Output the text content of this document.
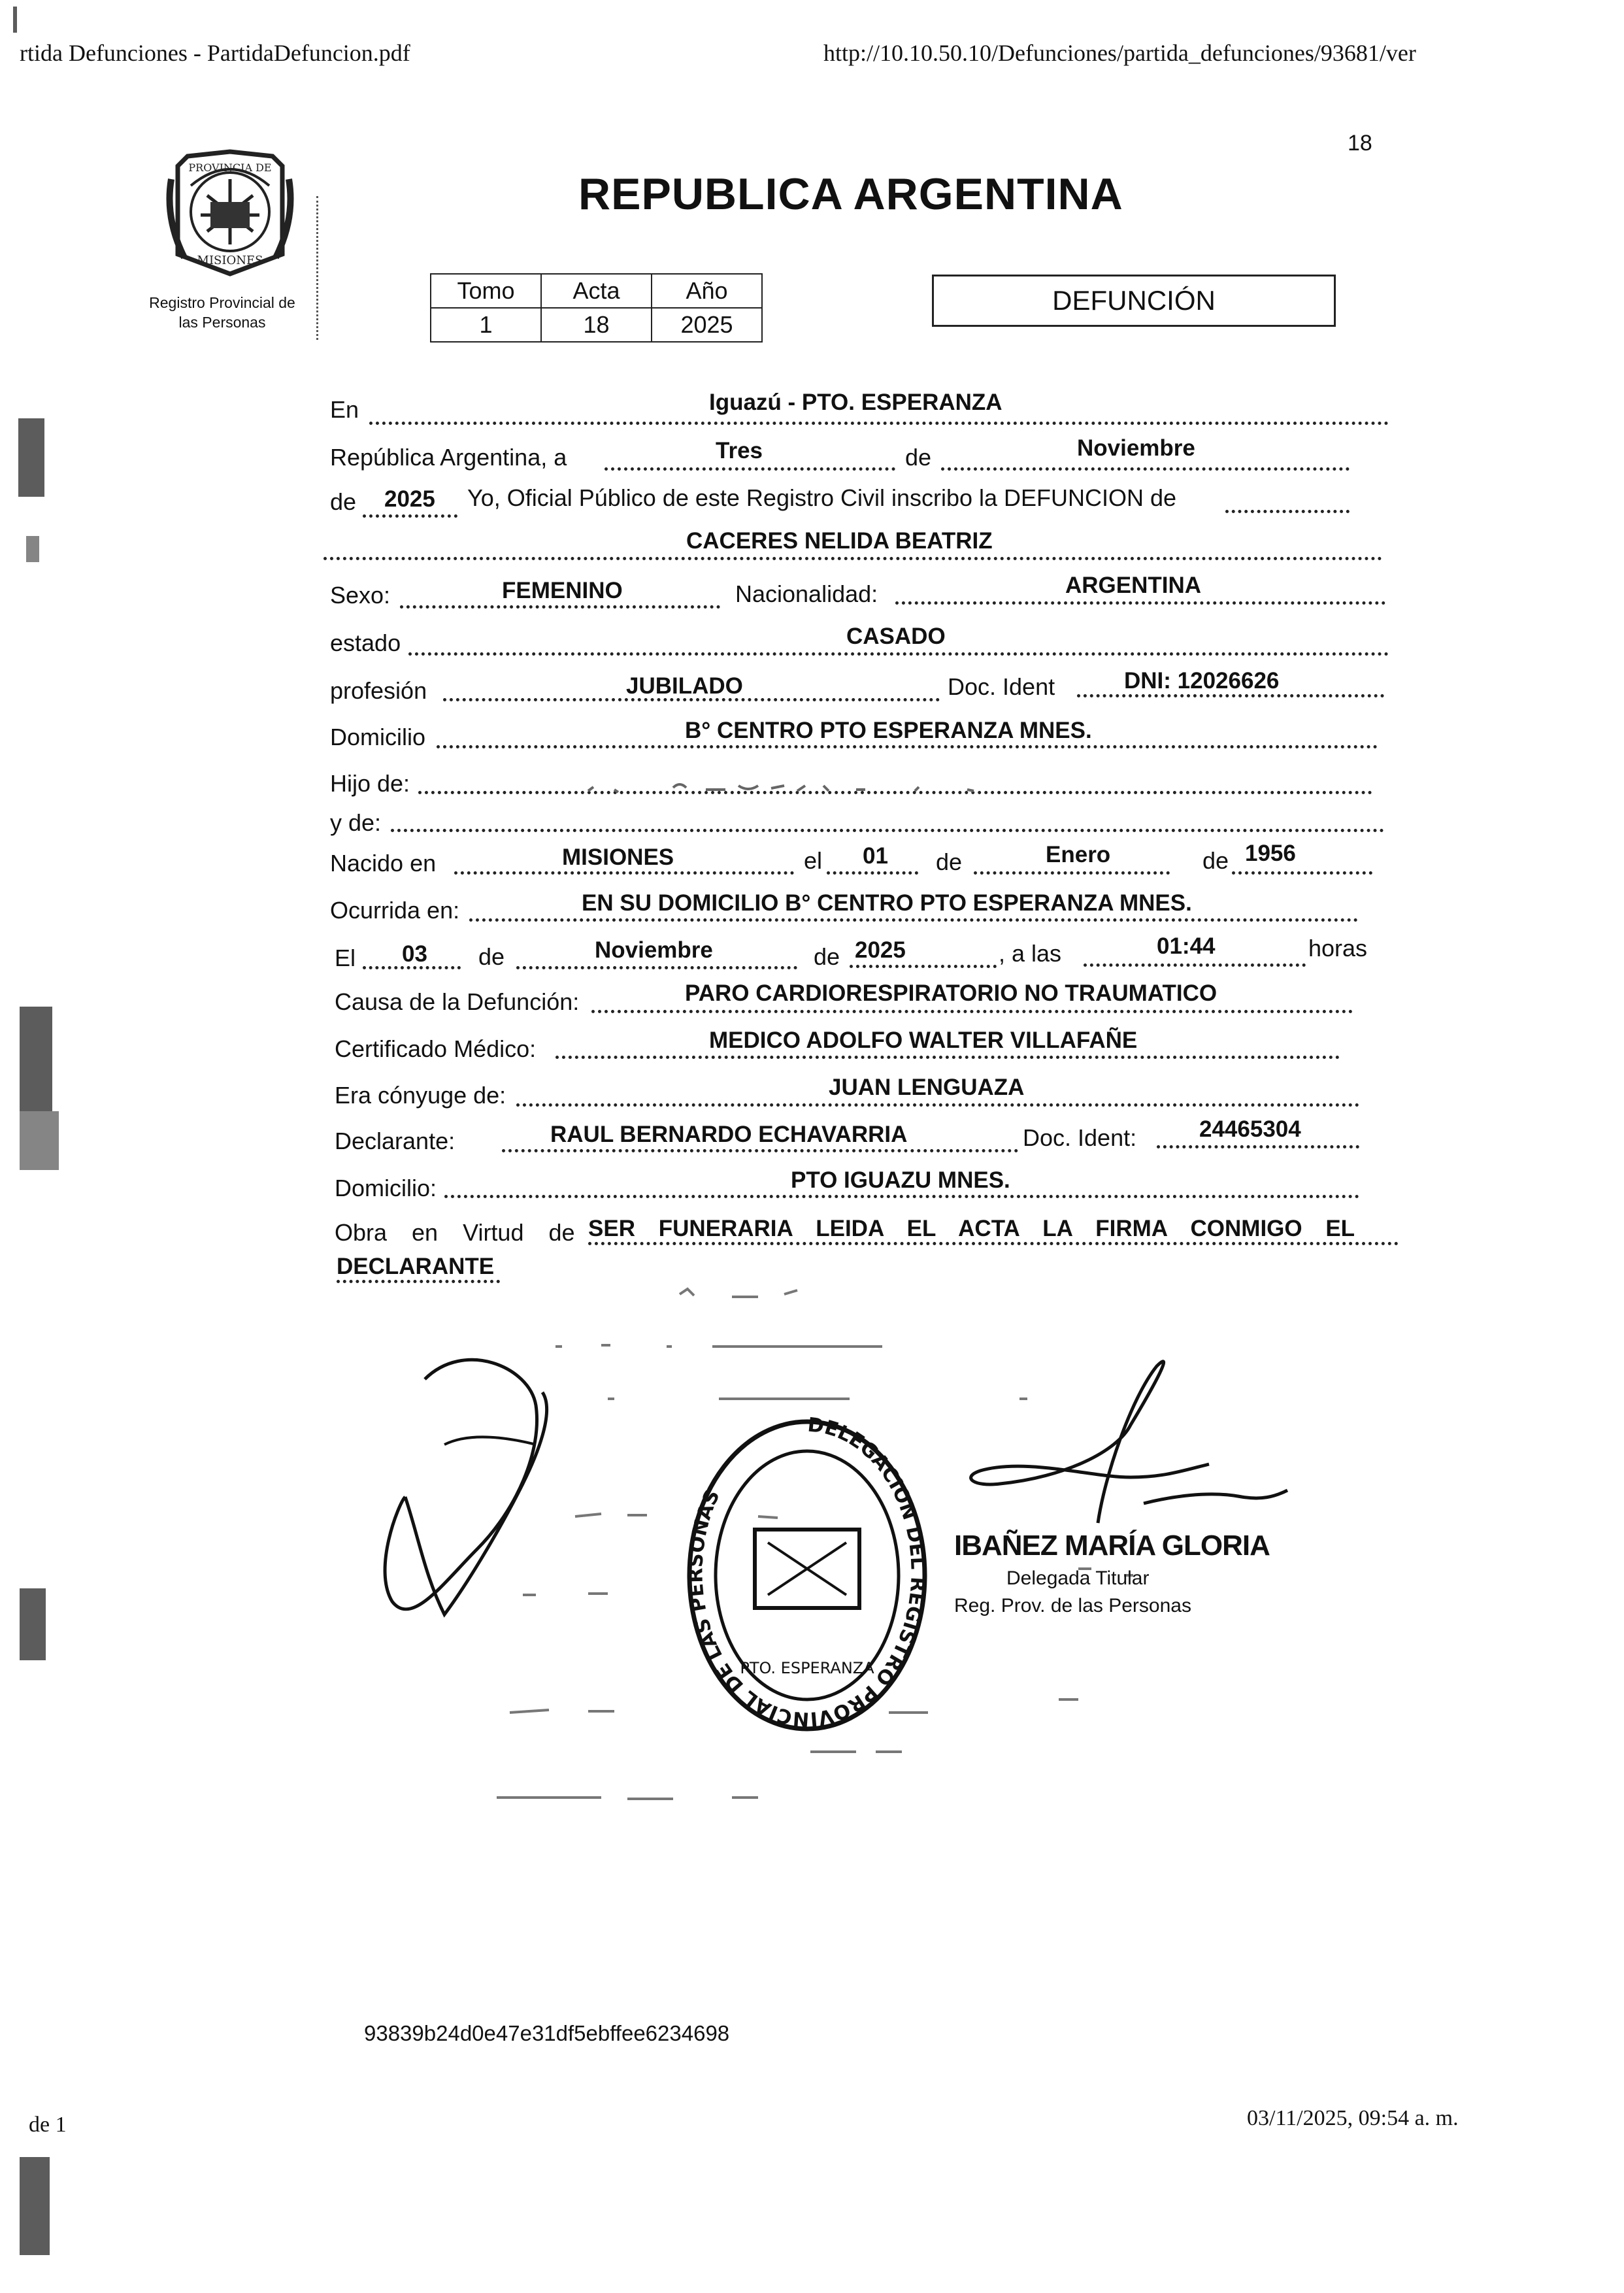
rtida Defunciones - PartidaDefuncion.pdf	http://10.10.50.10/Defunciones/partida_defunciones/93681/ver
18
PROVINCIA DE
MISIONES
Registro Provincial de
las Personas
REPUBLICA ARGENTINA
Tomo	Acta	Año
1	18	2025
DEFUNCIÓN
En	Iguazú - PTO. ESPERANZA
República Argentina, a	Tres	de	Noviembre
de 2025 Yo, Oficial Público de este Registro Civil inscribo la DEFUNCION de
CACERES NELIDA BEATRIZ
Sexo:	FEMENINO	Nacionalidad:	ARGENTINA
estado	CASADO
profesión	JUBILADO	Doc. Ident	DNI: 12026626
Domicilio	B° CENTRO PTO ESPERANZA MNES.
Hijo de:
y de:
Nacido en	MISIONES	el 01 de	Enero	de 1956
Ocurrida en:	EN SU DOMICILIO B° CENTRO PTO ESPERANZA MNES.
El 03 de	Noviembre	de 2025	, a las	01:44	horas
Causa de la Defunción:	PARO CARDIORESPIRATORIO NO TRAUMATICO
Certificado Médico:	MEDICO ADOLFO WALTER VILLAFAÑE
Era cónyuge de:	JUAN LENGUAZA
Declarante:	RAUL BERNARDO ECHAVARRIA	Doc. Ident:	24465304
Domicilio:	PTO IGUAZU MNES.
Obra en Virtud de SER FUNERARIA LEIDA EL ACTA LA FIRMA CONMIGO EL
DECLARANTE
DELEGACION DEL REGISTRO PROVINCIAL DE LAS PERSONAS
PTO. ESPERANZA
IBAÑEZ MARÍA GLORIA
Delegada Titular
Reg. Prov. de las Personas
93839b24d0e47e31df5ebffee6234698
de 1	03/11/2025, 09:54 a. m.
